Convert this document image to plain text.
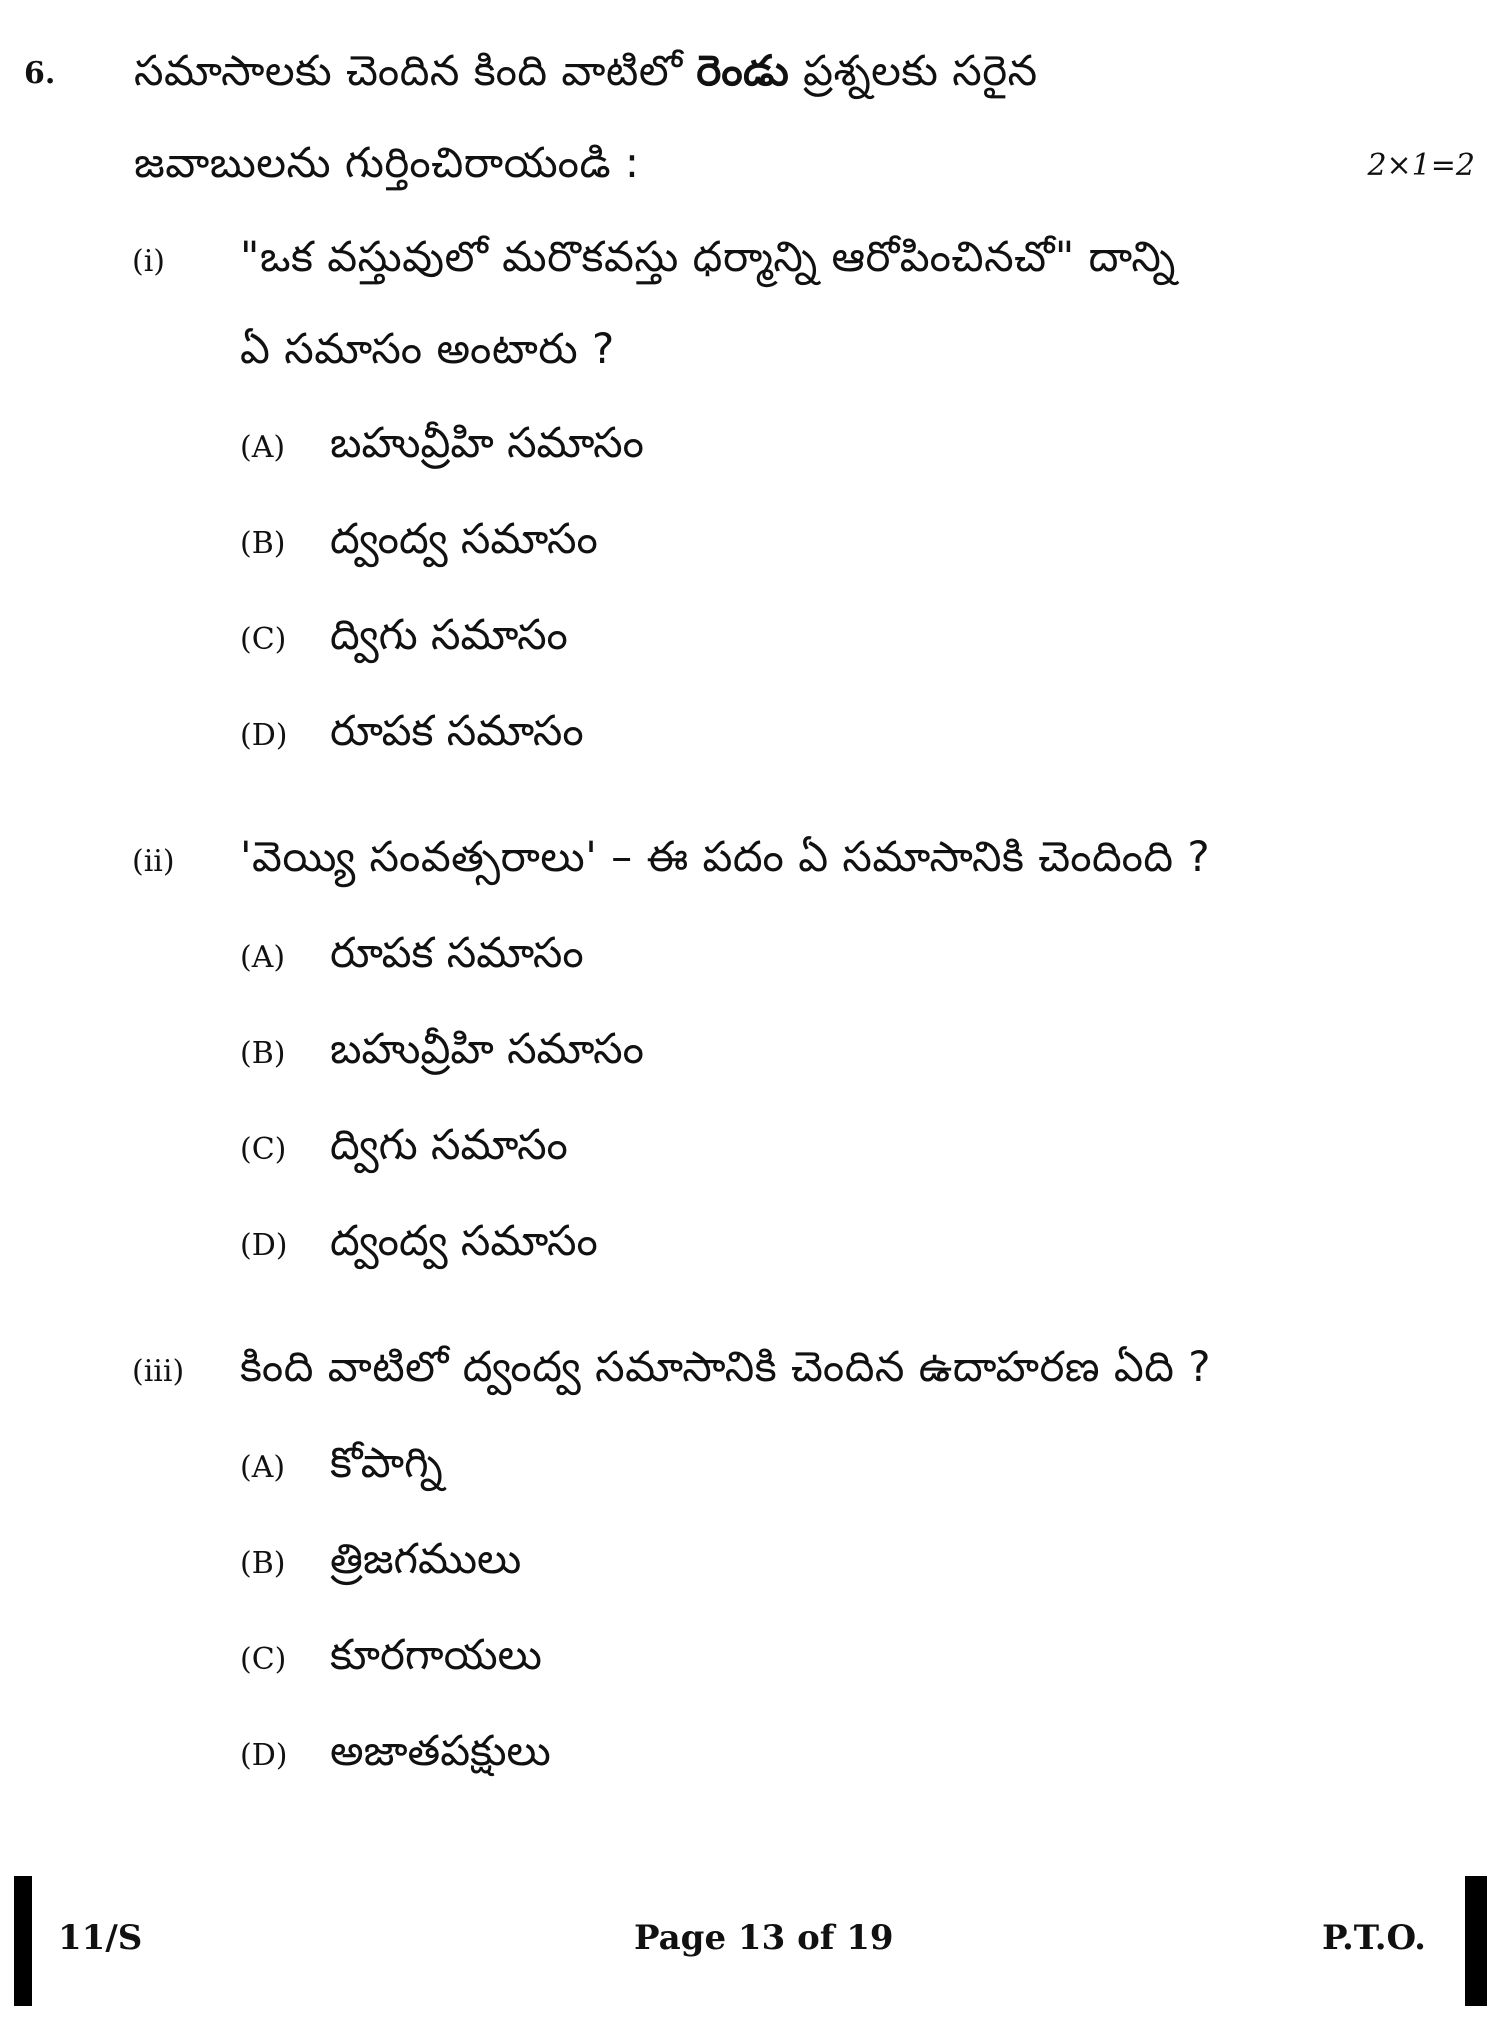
6. సమాసాలకు చెందిన కింది వాటిలో రెండు ప్రశ్నలకు సరైన
జవాబులను గుర్తించిరాయండి :	2×1=2
(i) "ఒక వస్తువులో మరొకవస్తు ధర్మాన్ని ఆరోపించినచో" దాన్ని
ఏ సమాసం అంటారు ?
(A) బహువ్రీహి సమాసం
(B) ద్వంద్వ సమాసం
(C) ద్విగు సమాసం
(D) రూపక సమాసం
(ii) 'వెయ్యి సంవత్సరాలు' – ఈ పదం ఏ సమాసానికి చెందింది ?
(A) రూపక సమాసం
(B) బహువ్రీహి సమాసం
(C) ద్విగు సమాసం
(D) ద్వంద్వ సమాసం
(iii) కింది వాటిలో ద్వంద్వ సమాసానికి చెందిన ఉదాహరణ ఏది ?
(A) కోపాగ్ని
(B) త్రిజగములు
(C) కూరగాయలు
(D) అజాతపక్షులు
11/S	Page 13 of 19	P.T.O.
